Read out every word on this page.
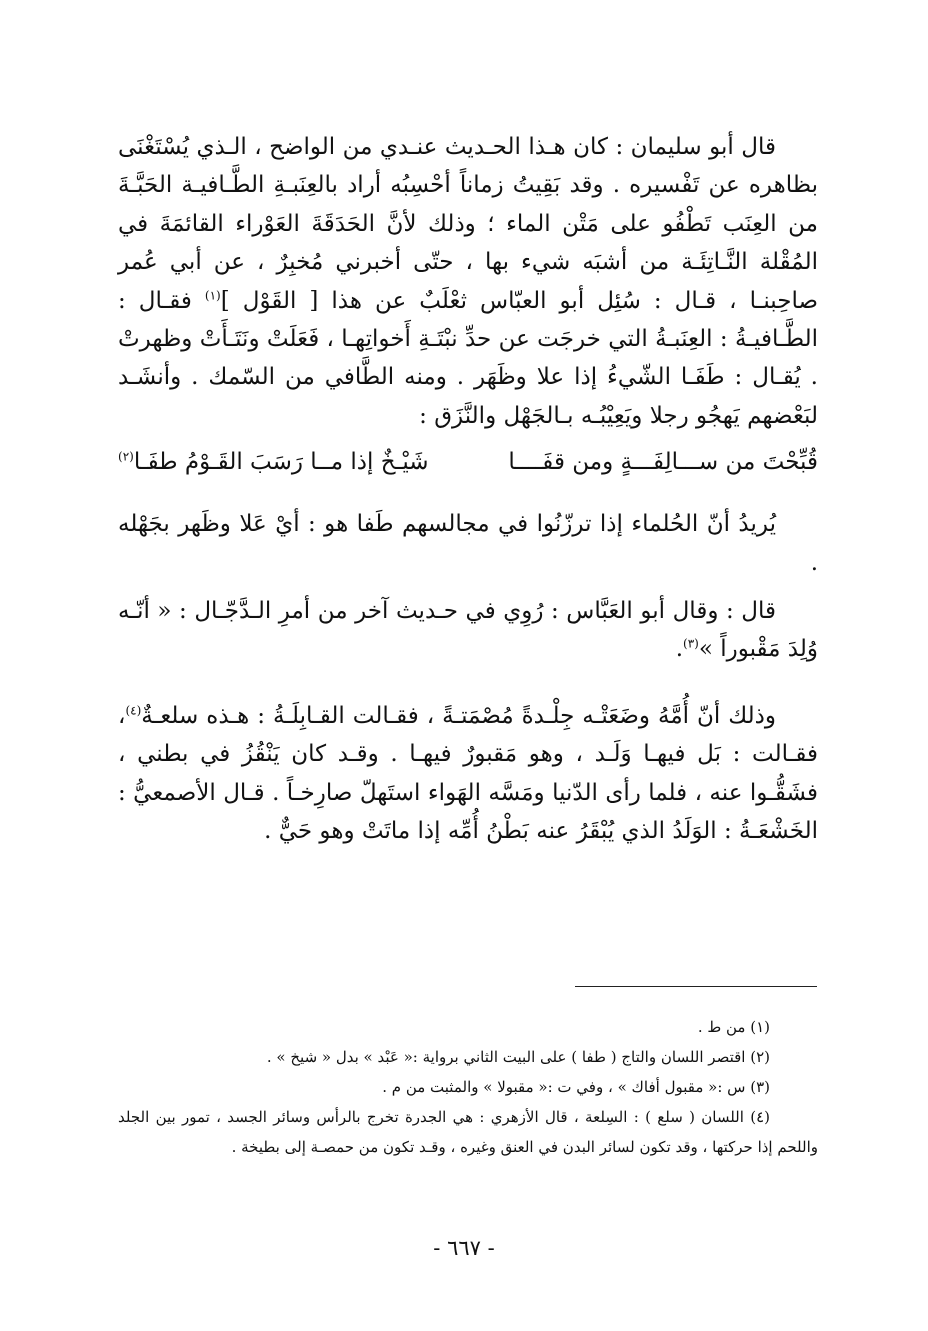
قال أبو سليمان : كان هـذا الحـديث عنـدي من الواضح ، الـذي يُسْتَغْنَى بظاهره عن تَفْسيره . وقد بَقِيتُ زماناً أحْسِبُه أراد بالعِنَبـةِ الطَّـافيـة الحَبَّـةَ من العِنَب تَطْفُو على مَتْن الماء ؛ وذلك لأنَّ الحَدَقَةَ العَوْراء القائمَةَ في المُقْلة النَّـاتِئَـة من أشبَه شيء بها ، حتّى أخبرني مُخبِرٌ ، عن أبي عُمر صاحِبنـا ، قـال : سُئِل أبو العبّاس ثعْلَبٌ عن هذا [ القَوْل ]$^{(١)}$ فقـال : الطَّـافيـةُ : العِنَبـةُ التي خرجَت عن حدِّ نبْتَـةِ أَخواتِهـا ، فَعَلَتْ ونَتَـأَتْ وظهرتْ . يُقـال : طَفَـا الشّيءُ إذا علا وظَهَر . ومنه الطَّافي من السّمك . وأنشَـد لبَعْضهم يَهجُو رجلا ويَعِيْبُـه بـالجَهْل والنَّزَق :

قُبِّحْتَ من ســـالِفَـــةٍ ومن قفَــــا
شَيْـخٌ إذا مــا رَسَبَ القَـوْمُ طفَـا$^{(٢)}$

يُريدُ أنّ الحُلماء إذا ترزّنُوا في مجالسهم طَفا هو : أيْ عَلا وظَهر بجَهْله .

قال : وقال أبو العَبَّاس : رُوِي في حـديث آخر من أمرِ الـدَّجّـال : « أنّـه وُلِدَ مَقْبوراً »$^{(٣)}$.

وذلك أنّ أُمَّهُ وضَعَتْـه جِلْـدةً مُصْمَتـةً ، فقـالت القـابِلَـةُ : هـذه سلعـةٌ$^{(٤)}$، فقـالت : بَل فيهـا وَلَـد ، وهو مَقبورٌ فيهـا . وقـد كان يَنْقُزُ في بطني ، فشَقُّـوا عنه ، فلما رأى الدّنيا ومَسَّه الهَواء استَهلّ صارِخـاً . قـال الأصمعيُّ : الخَشْعَـةُ : الوَلَدُ الذي يُبْقَرُ عنه بَطْنُ أُمِّه إذا ماتَتْ وهو حَيٌّ .

(١) من ط .

(٢) اقتصر اللسان والتاج ( طفا ) على البيت الثاني برواية :« عَبْد » بدل « شيخ » .

(٣) س :« مقبول أفاك » ، وفي ت :« مقبولا » والمثبت من م .

(٤) اللسان ( سلع ) : السِلعة ، قال الأزهري : هي الجدرة تخرج بالرأس وسائر الجسد ، تمور بين الجلد واللحم إذا حركتها ، وقد تكون لسائر البدن في العنق وغيره ، وقـد تكون من حمصـة إلى بطيخة .

- ٦٦٧ -
